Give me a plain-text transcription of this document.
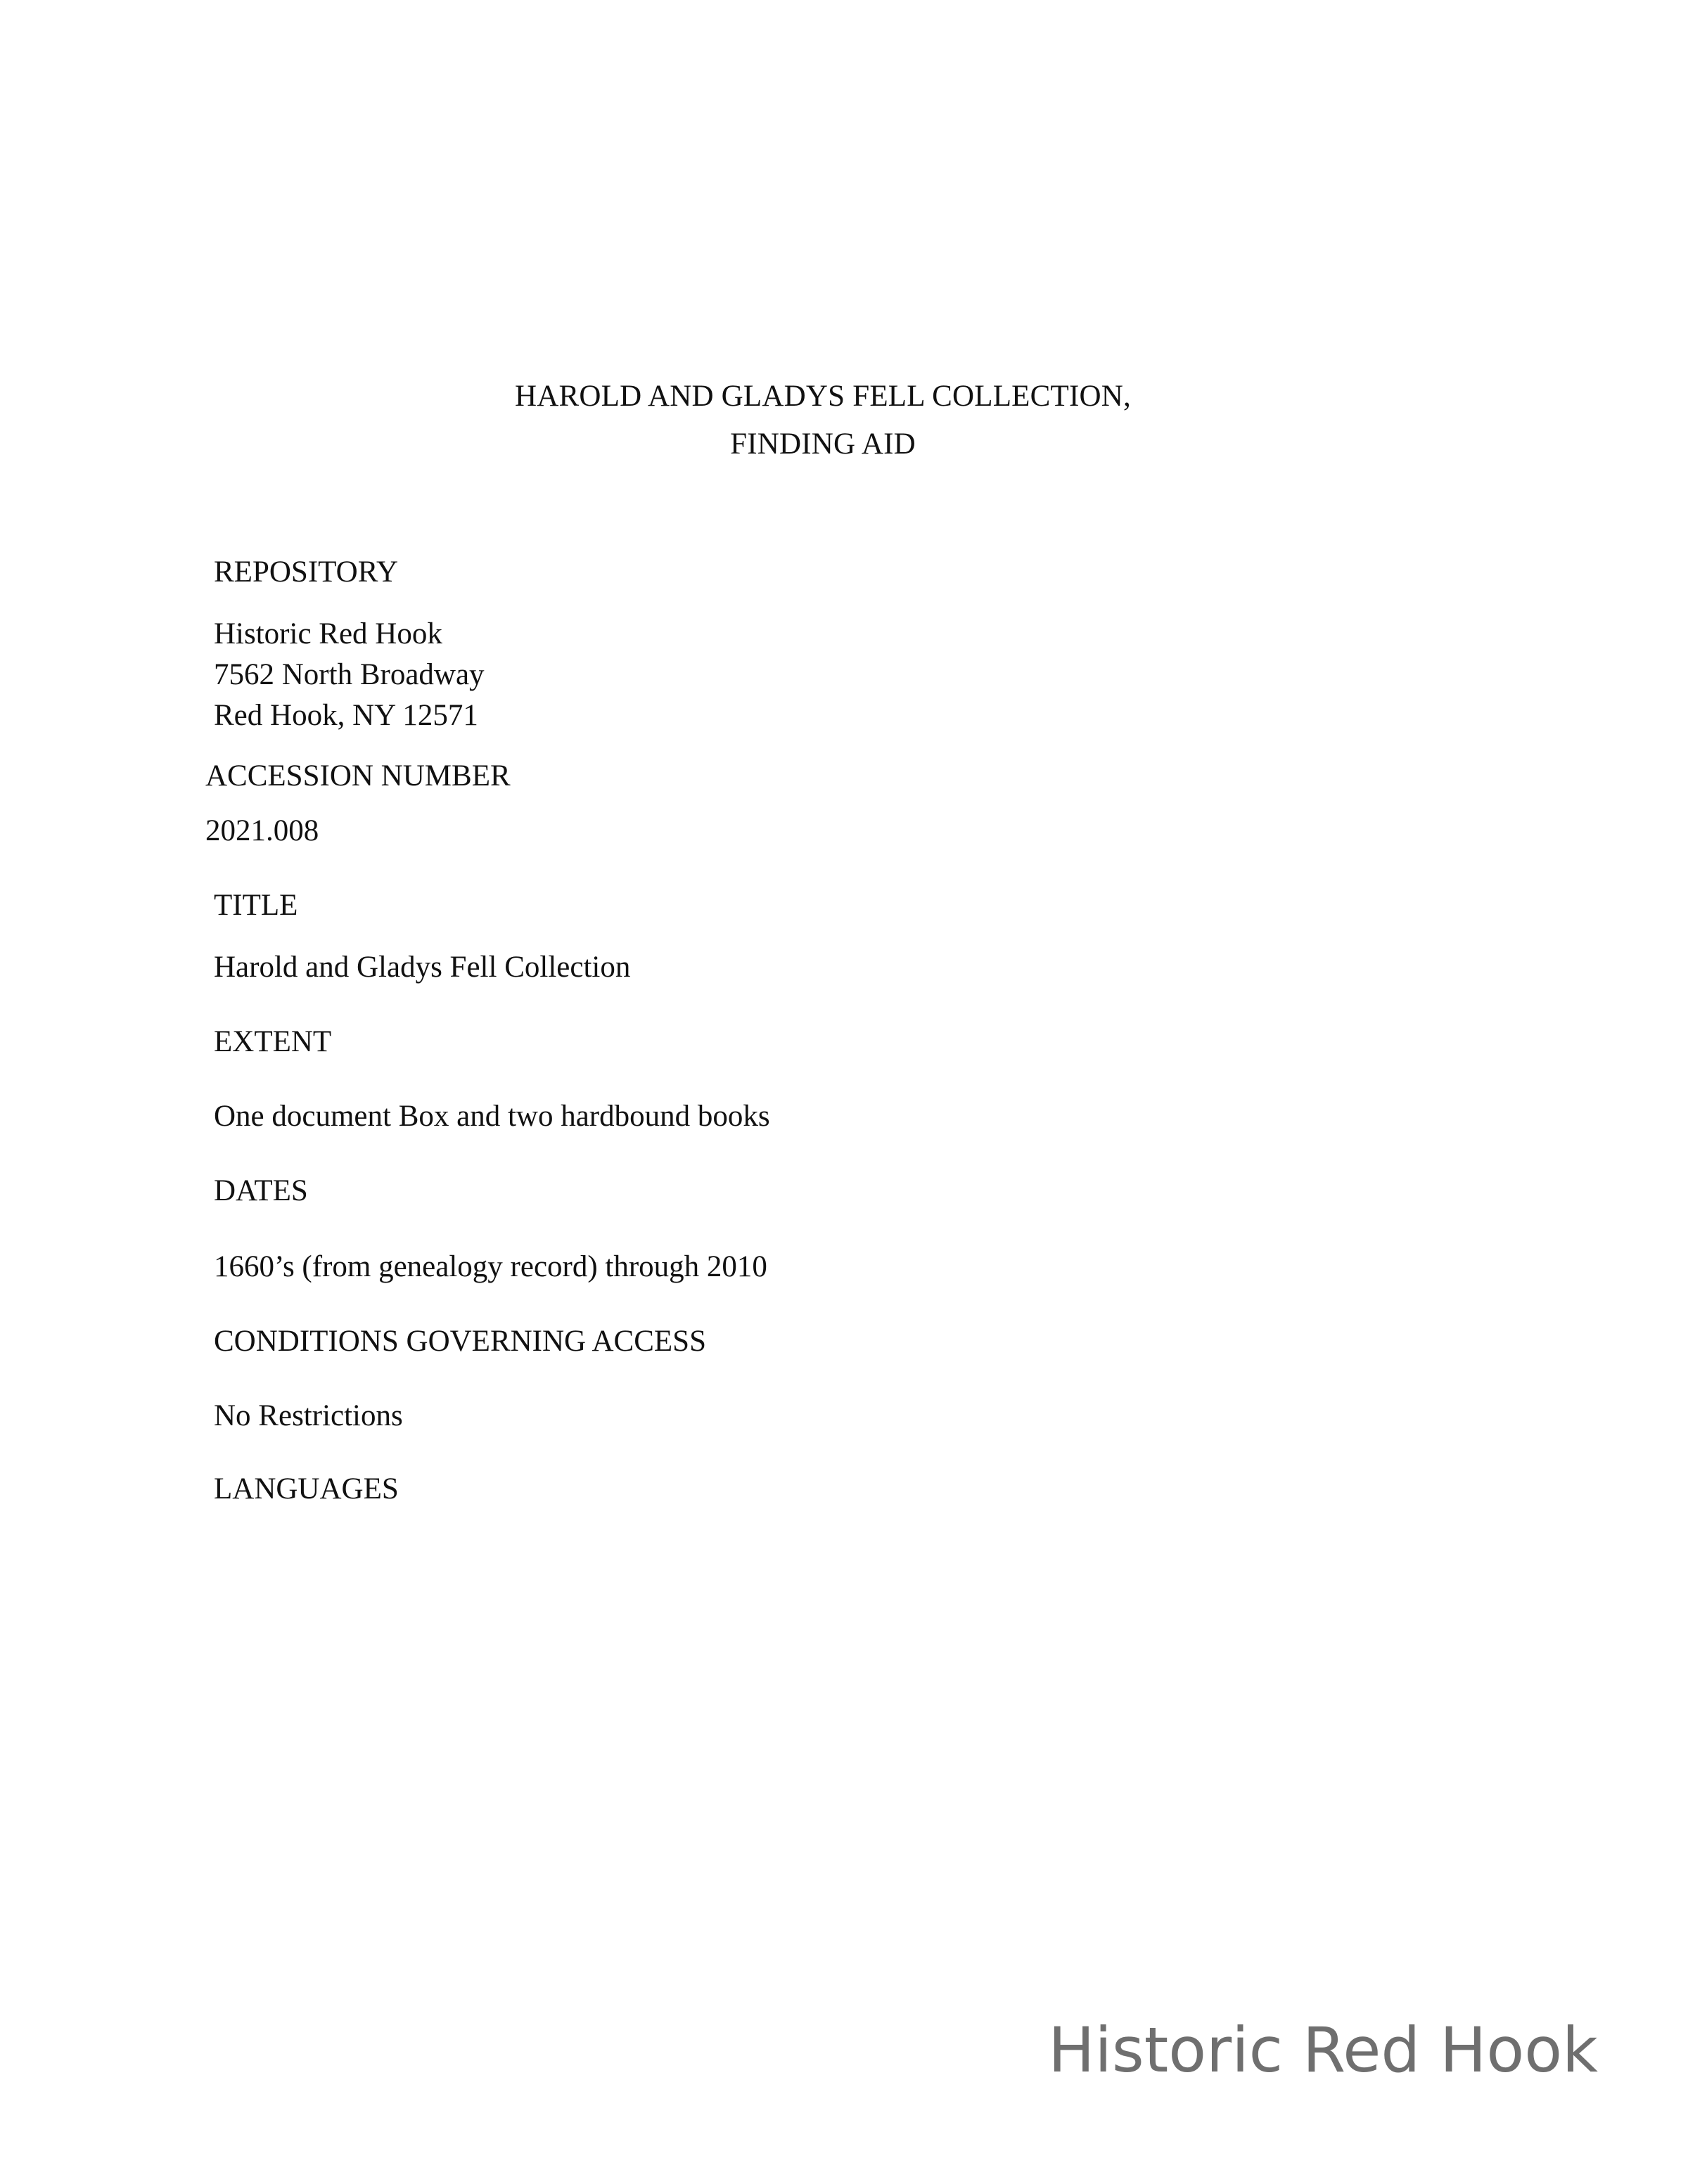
HAROLD AND GLADYS FELL COLLECTION,
FINDING AID
REPOSITORY
Historic Red Hook
7562 North Broadway
Red Hook, NY 12571
ACCESSION NUMBER
2021.008
TITLE
Harold and Gladys Fell Collection
EXTENT
One document Box and two hardbound books
DATES
1660’s (from genealogy record) through 2010
CONDITIONS GOVERNING ACCESS
No Restrictions
LANGUAGES
Historic Red Hook
